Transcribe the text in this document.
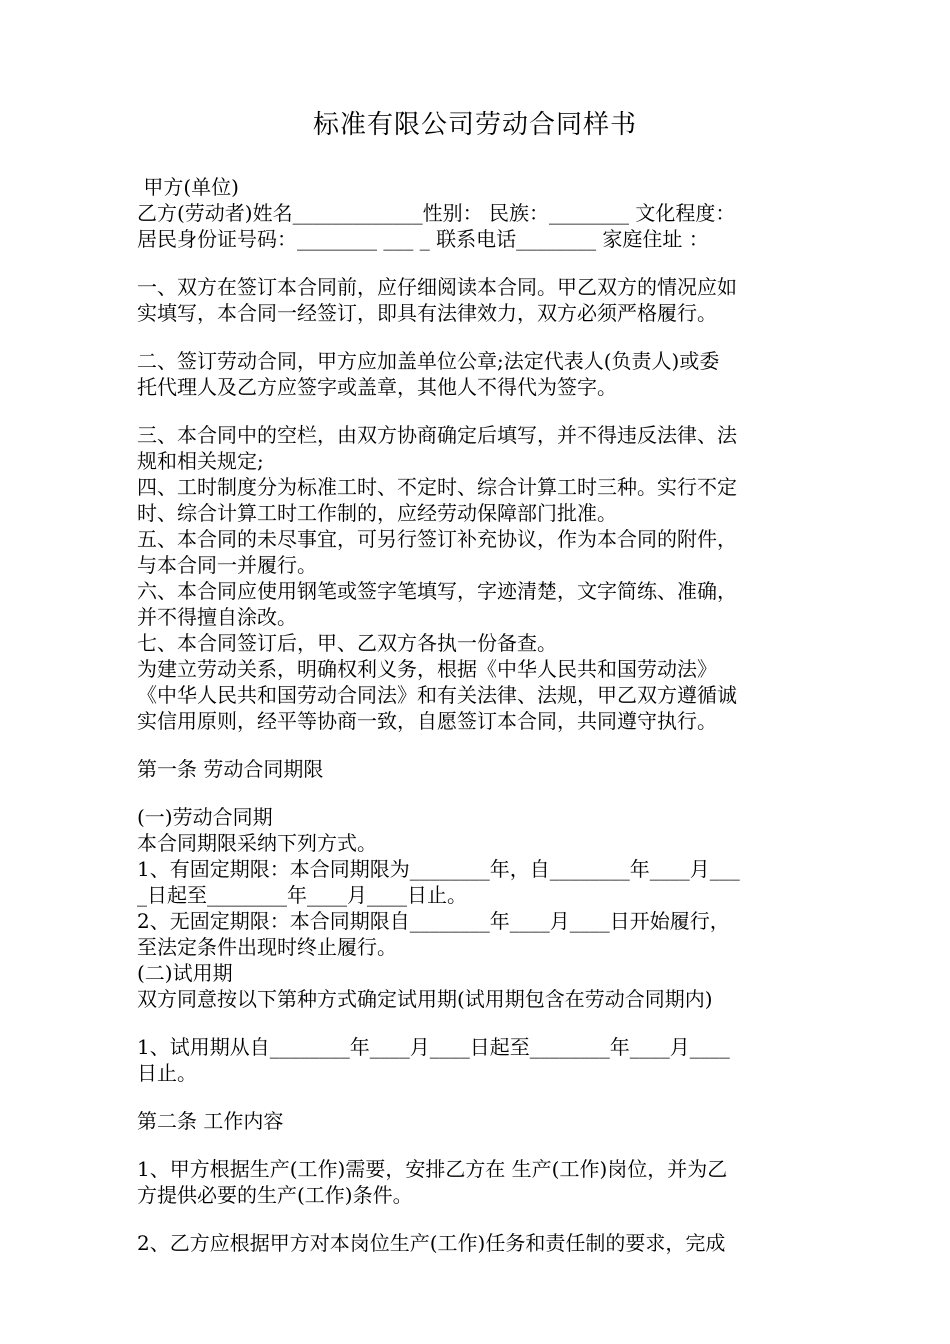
标准有限公司劳动合同样书
甲方(单位)
乙方(劳动者)姓名_____________性别： 民族：________ 文化程度：
居民身份证号码：________ ___ _ 联系电话________ 家庭住址 ：
一、双方在签订本合同前，应仔细阅读本合同。甲乙双方的情况应如
实填写，本合同一经签订，即具有法律效力，双方必须严格履行。
二、签订劳动合同，甲方应加盖单位公章;法定代表人(负责人)或委
托代理人及乙方应签字或盖章，其他人不得代为签字。
三、本合同中的空栏，由双方协商确定后填写，并不得违反法律、法
规和相关规定;
四、工时制度分为标准工时、不定时、综合计算工时三种。实行不定
时、综合计算工时工作制的，应经劳动保障部门批准。
五、本合同的未尽事宜，可另行签订补充协议，作为本合同的附件，
与本合同一并履行。
六、本合同应使用钢笔或签字笔填写，字迹清楚，文字简练、准确，
并不得擅自涂改。
七、本合同签订后，甲、乙双方各执一份备查。
为建立劳动关系，明确权利义务，根据《中华人民共和国劳动法》
《中华人民共和国劳动合同法》和有关法律、法规，甲乙双方遵循诚
实信用原则，经平等协商一致，自愿签订本合同，共同遵守执行。
第一条 劳动合同期限
(一)劳动合同期
本合同期限采纳下列方式。
1、有固定期限：本合同期限为________年，自________年____月___
_日起至________年____月____日止。
2、无固定期限：本合同期限自________年____月____日开始履行，
至法定条件出现时终止履行。
(二)试用期
双方同意按以下第种方式确定试用期(试用期包含在劳动合同期内)
1、试用期从自________年____月____日起至________年____月____
日止。
第二条 工作内容
1、甲方根据生产(工作)需要，安排乙方在 生产(工作)岗位，并为乙
方提供必要的生产(工作)条件。
2、乙方应根据甲方对本岗位生产(工作)任务和责任制的要求，完成
